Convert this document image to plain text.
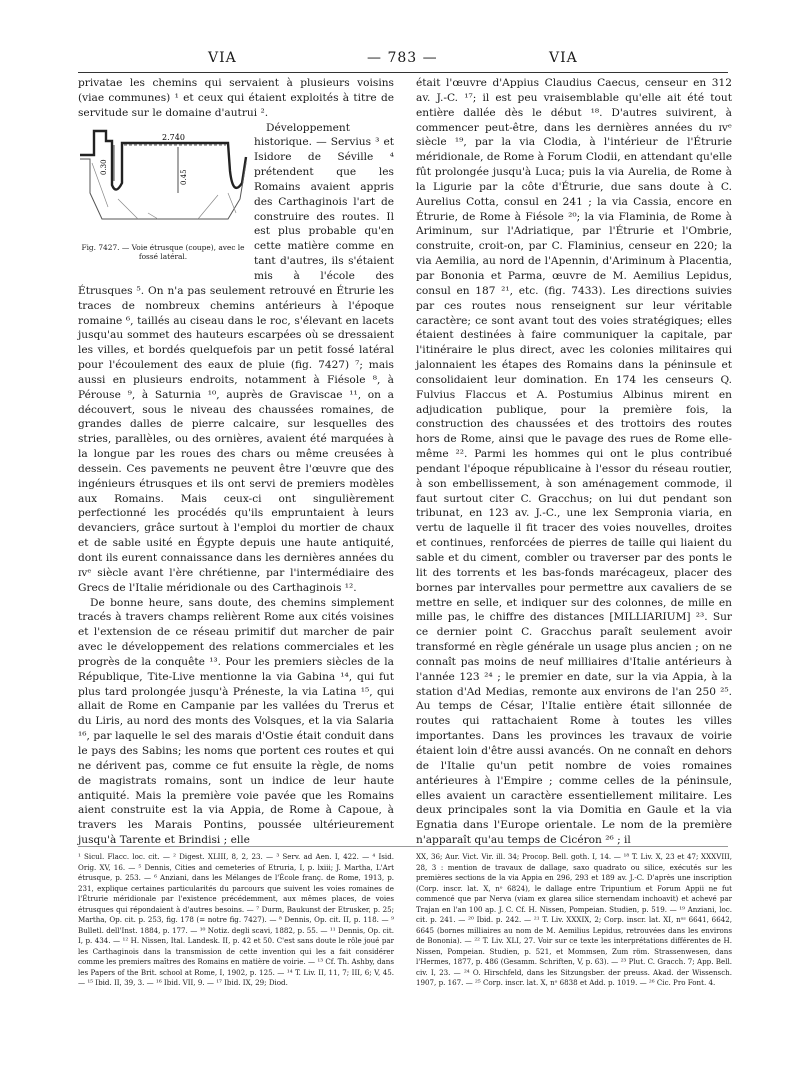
VIA	— 783 —	VIA

privatae les chemins qui servaient à plusieurs voisins (viae communes) ¹ et ceux qui étaient exploités à titre de servitude sur le domaine d'autrui ².

0.30
2.740
0.45
Fig. 7427. — Voie étrusque (coupe), avec le fossé latéral.

Développement historique. — Servius ³ et Isidore de Séville ⁴ prétendent que les Romains avaient appris des Carthaginois l'art de construire des routes. Il est plus probable qu'en cette matière comme en tant d'autres, ils s'étaient mis à l'école des Étrusques ⁵. On n'a pas seulement retrouvé en Étrurie les traces de nombreux chemins antérieurs à l'époque romaine ⁶, taillés au ciseau dans le roc, s'élevant en lacets jusqu'au sommet des hauteurs escarpées où se dressaient les villes, et bordés quelquefois par un petit fossé latéral pour l'écoulement des eaux de pluie (fig. 7427) ⁷; mais aussi en plusieurs endroits, notamment à Fiésole ⁸, à Pérouse ⁹, à Saturnia ¹⁰, auprès de Graviscae ¹¹, on a découvert, sous le niveau des chaussées romaines, de grandes dalles de pierre calcaire, sur lesquelles des stries, parallèles, ou des ornières, avaient été marquées à la longue par les roues des chars ou même creusées à dessein. Ces pavements ne peuvent être l'œuvre que des ingénieurs étrusques et ils ont servi de premiers modèles aux Romains. Mais ceux-ci ont singulièrement perfectionné les procédés qu'ils empruntaient à leurs devanciers, grâce surtout à l'emploi du mortier de chaux et de sable usité en Égypte depuis une haute antiquité, dont ils eurent connaissance dans les dernières années du ɪvᵉ siècle avant l'ère chrétienne, par l'intermédiaire des Grecs de l'Italie méridionale ou des Carthaginois ¹².

De bonne heure, sans doute, des chemins simplement tracés à travers champs relièrent Rome aux cités voisines et l'extension de ce réseau primitif dut marcher de pair avec le développement des relations commerciales et les progrès de la conquête ¹³. Pour les premiers siècles de la République, Tite-Live mentionne la via Gabina ¹⁴, qui fut plus tard prolongée jusqu'à Préneste, la via Latina ¹⁵, qui allait de Rome en Campanie par les vallées du Trerus et du Liris, au nord des monts des Volsques, et la via Salaria ¹⁶, par laquelle le sel des marais d'Ostie était conduit dans le pays des Sabins; les noms que portent ces routes et qui ne dérivent pas, comme ce fut ensuite la règle, de noms de magistrats romains, sont un indice de leur haute antiquité. Mais la première voie pavée que les Romains aient construite est la via Appia, de Rome à Capoue, à travers les Marais Pontins, poussée ultérieurement jusqu'à Tarente et Brindisi ; elle

était l'œuvre d'Appius Claudius Caecus, censeur en 312 av. J.-C. ¹⁷; il est peu vraisemblable qu'elle ait été tout entière dallée dès le début ¹⁸. D'autres suivirent, à commencer peut-être, dans les dernières années du ɪvᵉ siècle ¹⁹, par la via Clodia, à l'intérieur de l'Étrurie méridionale, de Rome à Forum Clodii, en attendant qu'elle fût prolongée jusqu'à Luca; puis la via Aurelia, de Rome à la Ligurie par la côte d'Étrurie, due sans doute à C. Aurelius Cotta, consul en 241 ; la via Cassia, encore en Étrurie, de Rome à Fiésole ²⁰; la via Flaminia, de Rome à Ariminum, sur l'Adriatique, par l'Étrurie et l'Ombrie, construite, croit-on, par C. Flaminius, censeur en 220; la via Aemilia, au nord de l'Apennin, d'Ariminum à Placentia, par Bononia et Parma, œuvre de M. Aemilius Lepidus, consul en 187 ²¹, etc. (fig. 7433). Les directions suivies par ces routes nous renseignent sur leur véritable caractère; ce sont avant tout des voies stratégiques; elles étaient destinées à faire communiquer la capitale, par l'itinéraire le plus direct, avec les colonies militaires qui jalonnaient les étapes des Romains dans la péninsule et consolidaient leur domination. En 174 les censeurs Q. Fulvius Flaccus et A. Postumius Albinus mirent en adjudication publique, pour la première fois, la construction des chaussées et des trottoirs des routes hors de Rome, ainsi que le pavage des rues de Rome elle-même ²². Parmi les hommes qui ont le plus contribué pendant l'époque républicaine à l'essor du réseau routier, à son embellissement, à son aménagement commode, il faut surtout citer C. Gracchus; on lui dut pendant son tribunat, en 123 av. J.-C., une lex Sempronia viaria, en vertu de laquelle il fit tracer des voies nouvelles, droites et continues, renforcées de pierres de taille qui liaient du sable et du ciment, combler ou traverser par des ponts le lit des torrents et les bas-fonds marécageux, placer des bornes par intervalles pour permettre aux cavaliers de se mettre en selle, et indiquer sur des colonnes, de mille en mille pas, le chiffre des distances [MILLIARIUM] ²³. Sur ce dernier point C. Gracchus paraît seulement avoir transformé en règle générale un usage plus ancien ; on ne connaît pas moins de neuf milliaires d'Italie antérieurs à l'année 123 ²⁴ ; le premier en date, sur la via Appia, à la station d'Ad Medias, remonte aux environs de l'an 250 ²⁵. Au temps de César, l'Italie entière était sillonnée de routes qui rattachaient Rome à toutes les villes importantes. Dans les provinces les travaux de voirie étaient loin d'être aussi avancés. On ne connaît en dehors de l'Italie qu'un petit nombre de voies romaines antérieures à l'Empire ; comme celles de la péninsule, elles avaient un caractère essentiellement militaire. Les deux principales sont la via Domitia en Gaule et la via Egnatia dans l'Europe orientale. Le nom de la première n'apparaît qu'au temps de Cicéron ²⁶ ; il

¹ Sicul. Flacc. loc. cit. — ² Digest. XLIII, 8, 2, 23. — ³ Serv. ad Aen. I, 422. — ⁴ Isid. Orig. XV, 16. — ⁵ Dennis, Cities and cemeteries of Etruria, I, p. lxiii; J. Martha, L'Art étrusque, p. 253. — ⁶ Anziani, dans les Mélanges de l'École franç. de Rome, 1913, p. 231, explique certaines particularités du parcours que suivent les voies romaines de l'Étrurie méridionale par l'existence précédemment, aux mêmes places, de voies étrusques qui répondaient à d'autres besoins. — ⁷ Durm, Baukunst der Etrusker, p. 25; Martha, Op. cit. p. 253, fig. 178 (= notre fig. 7427). — ⁸ Dennis, Op. cit. II, p. 118. — ⁹ Bulletl. dell'Inst. 1884, p. 177. — ¹⁰ Notiz. degli scavi, 1882, p. 55. — ¹¹ Dennis, Op. cit. I, p. 434. — ¹² H. Nissen, Ital. Landesk. II, p. 42 et 50. C'est sans doute le rôle joué par les Carthaginois dans la transmission de cette invention qui les a fait considérer comme les premiers maîtres des Romains en matière de voirie. — ¹³ Cf. Th. Ashby, dans les Papers of the Brit. school at Rome, I, 1902, p. 125. — ¹⁴ T. Liv. II, 11, 7; III, 6; V, 45. — ¹⁵ Ibid. II, 39, 3. — ¹⁶ Ibid. VII, 9. — ¹⁷ Ibid. IX, 29; Diod.
XX, 36; Aur. Vict. Vir. ill. 34; Procop. Bell. goth. I, 14. — ¹⁸ T. Liv. X, 23 et 47; XXXVIII, 28, 3 : mention de travaux de dallage, saxo quadrato ou silice, exécutés sur les premières sections de la via Appia en 296, 293 et 189 av. J.-C. D'après une inscription (Corp. inscr. lat. X, nᵒ 6824), le dallage entre Tripuntium et Forum Appii ne fut commencé que par Nerva (viam ex glarea silice sternendam inchoavit) et achevé par Trajan en l'an 100 ap. J. C. Cf. H. Nissen, Pompeian. Studien, p. 519. — ¹⁹ Anziani, loc. cit. p. 241. — ²⁰ Ibid. p. 242. — ²¹ T. Liv. XXXIX, 2; Corp. inscr. lat. XI, nᵒˢ 6641, 6642, 6645 (bornes milliaires au nom de M. Aemilius Lepidus, retrouvées dans les environs de Bononia). — ²² T. Liv. XLI, 27. Voir sur ce texte les interprétations différentes de H. Nissen, Pompeian. Studien, p. 521, et Mommsen, Zum röm. Strassenwesen, dans l'Hermes, 1877, p. 486 (Gesamm. Schriften, V, p. 63). — ²³ Plut. C. Gracch. 7; App. Bell. civ. I, 23. — ²⁴ O. Hirschfeld, dans les Sitzungsber. der preuss. Akad. der Wissensch. 1907, p. 167. — ²⁵ Corp. inscr. lat. X, nᵒ 6838 et Add. p. 1019. — ²⁶ Cic. Pro Font. 4.
